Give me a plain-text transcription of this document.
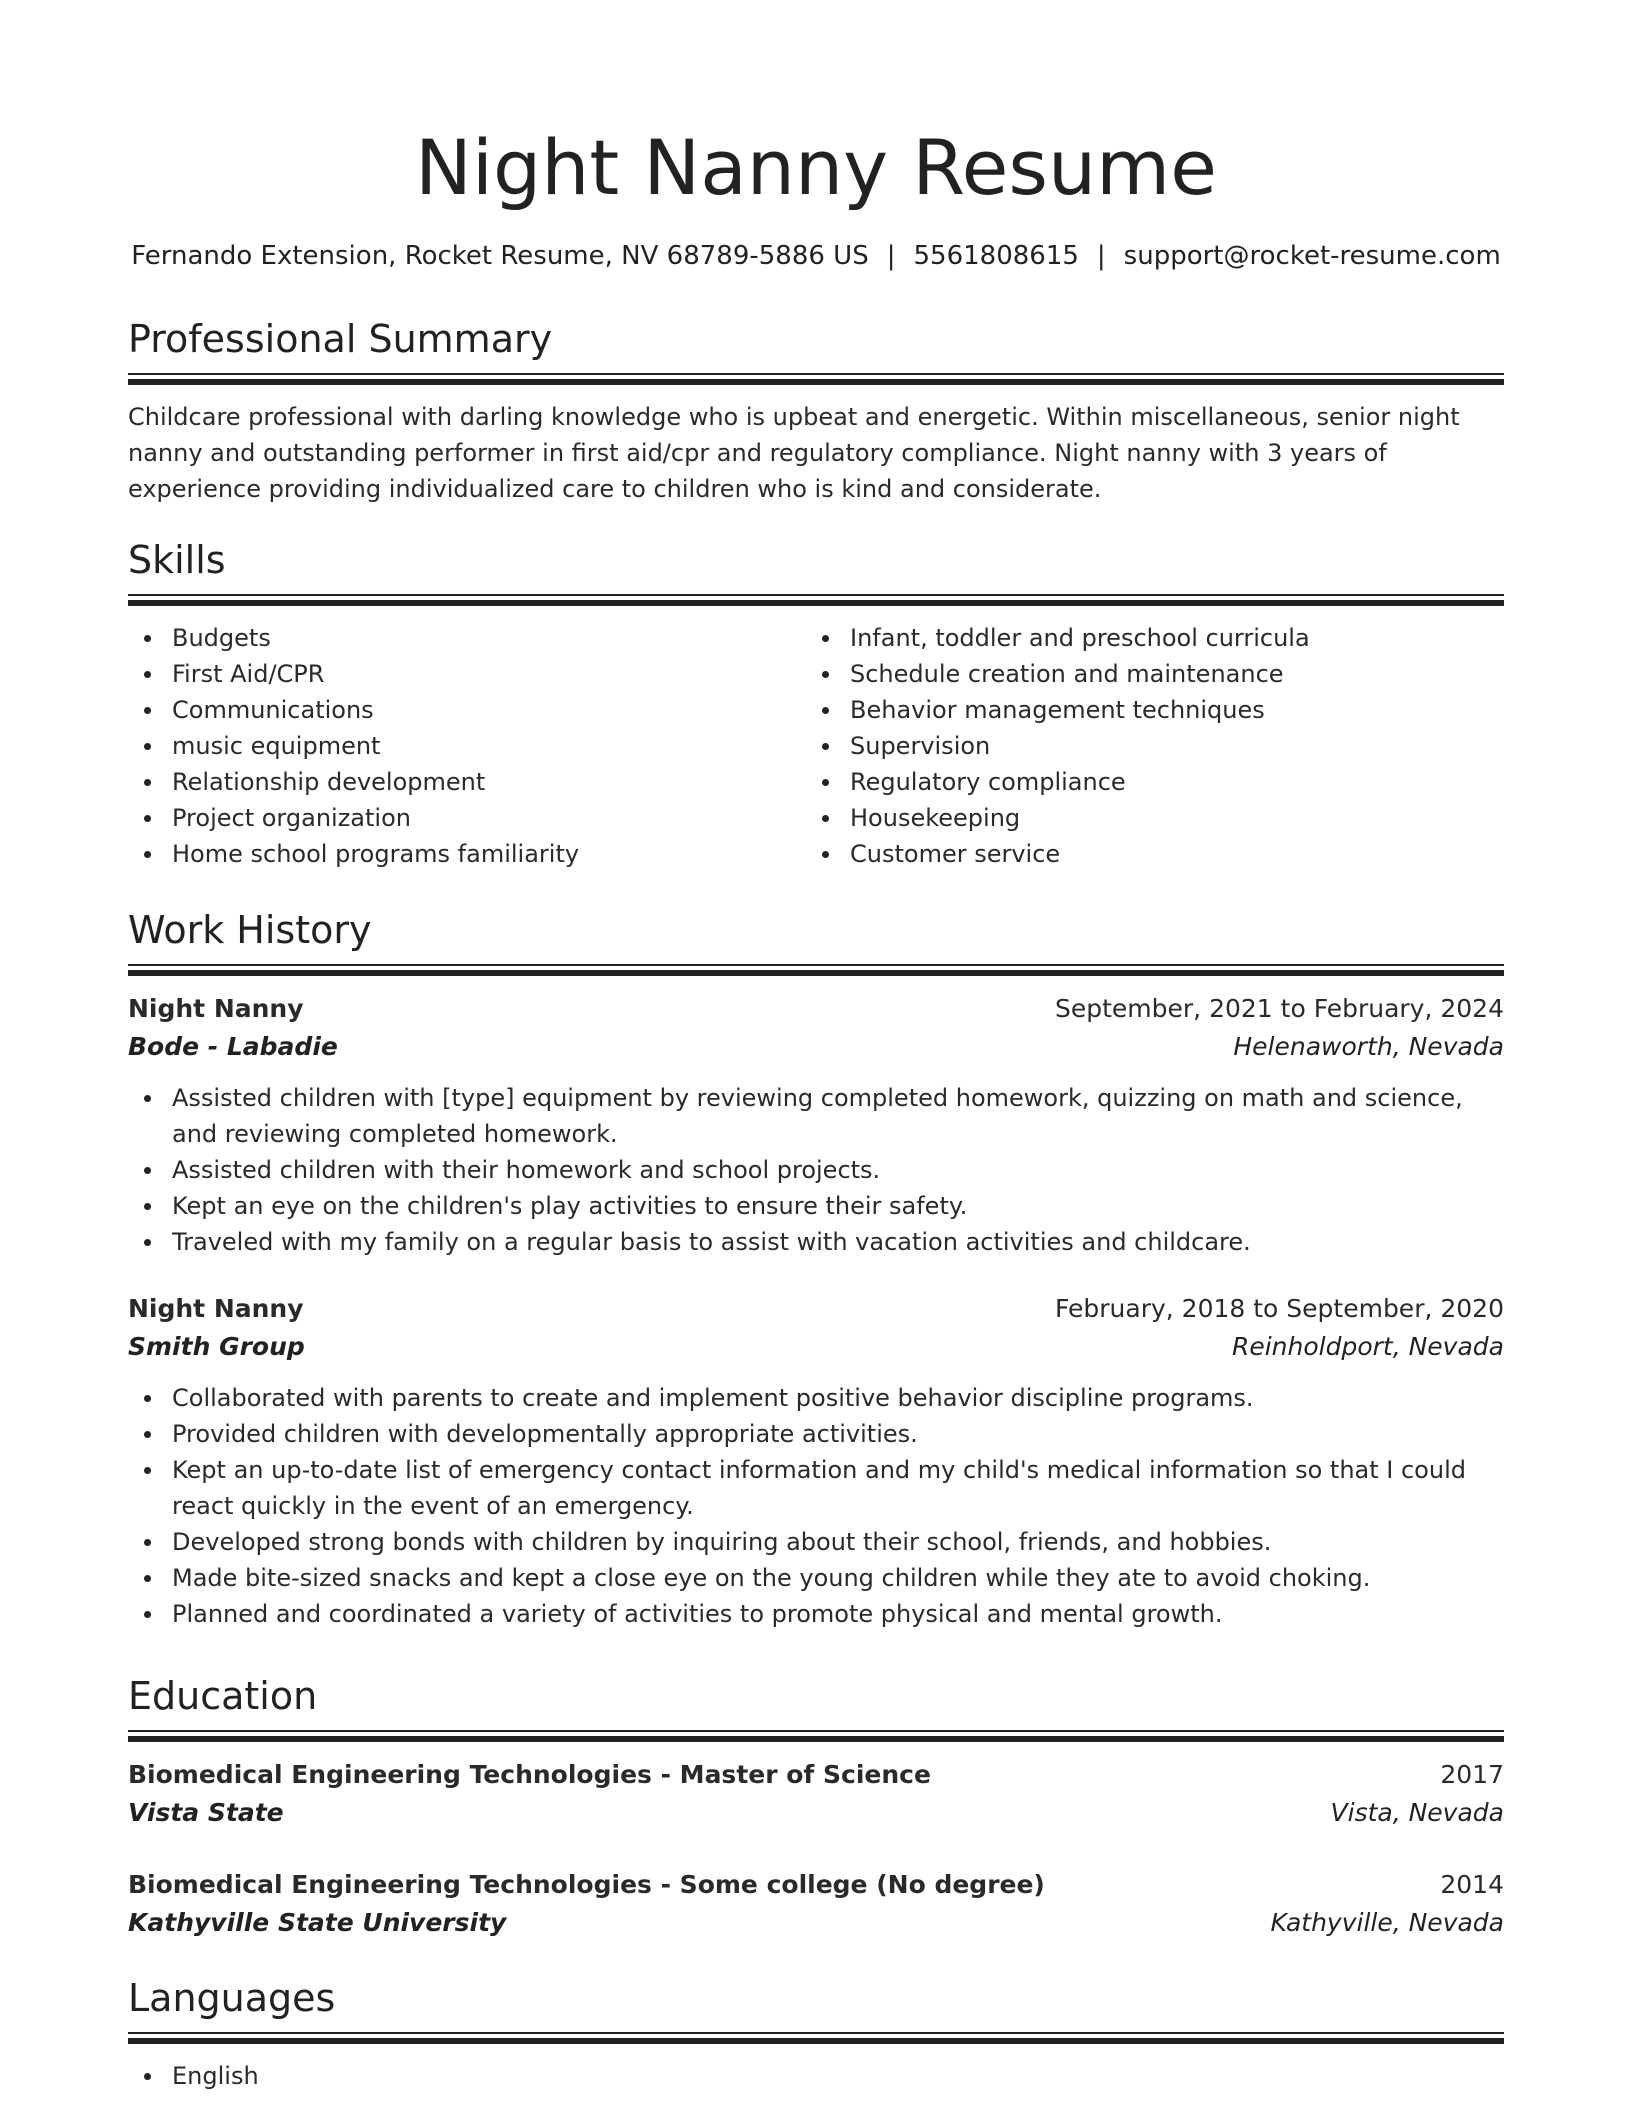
Night Nanny Resume
Fernando Extension, Rocket Resume, NV 68789-5886 US | 5561808615 | support@rocket-resume.com
Professional Summary

Childcare professional with darling knowledge who is upbeat and energetic. Within miscellaneous, senior night nanny and outstanding performer in first aid/cpr and regulatory compliance. Night nanny with 3 years of experience providing individualized care to children who is kind and considerate.

Skills
Budgets
First Aid/CPR
Communications
music equipment
Relationship development
Project organization
Home school programs familiarity
Infant, toddler and preschool curricula
Schedule creation and maintenance
Behavior management techniques
Supervision
Regulatory compliance
Housekeeping
Customer service
Work History
Night Nanny	September, 2021 to February, 2024
Bode - Labadie	Helenaworth, Nevada
Assisted children with [type] equipment by reviewing completed homework, quizzing on math and science, and reviewing completed homework.
Assisted children with their homework and school projects.
Kept an eye on the children's play activities to ensure their safety.
Traveled with my family on a regular basis to assist with vacation activities and childcare.
Night Nanny	February, 2018 to September, 2020
Smith Group	Reinholdport, Nevada
Collaborated with parents to create and implement positive behavior discipline programs.
Provided children with developmentally appropriate activities.
Kept an up-to-date list of emergency contact information and my child's medical information so that I could react quickly in the event of an emergency.
Developed strong bonds with children by inquiring about their school, friends, and hobbies.
Made bite-sized snacks and kept a close eye on the young children while they ate to avoid choking.
Planned and coordinated a variety of activities to promote physical and mental growth.
Education
Biomedical Engineering Technologies - Master of Science	2017
Vista State	Vista, Nevada
Biomedical Engineering Technologies - Some college (No degree)	2014
Kathyville State University	Kathyville, Nevada
Languages
English
